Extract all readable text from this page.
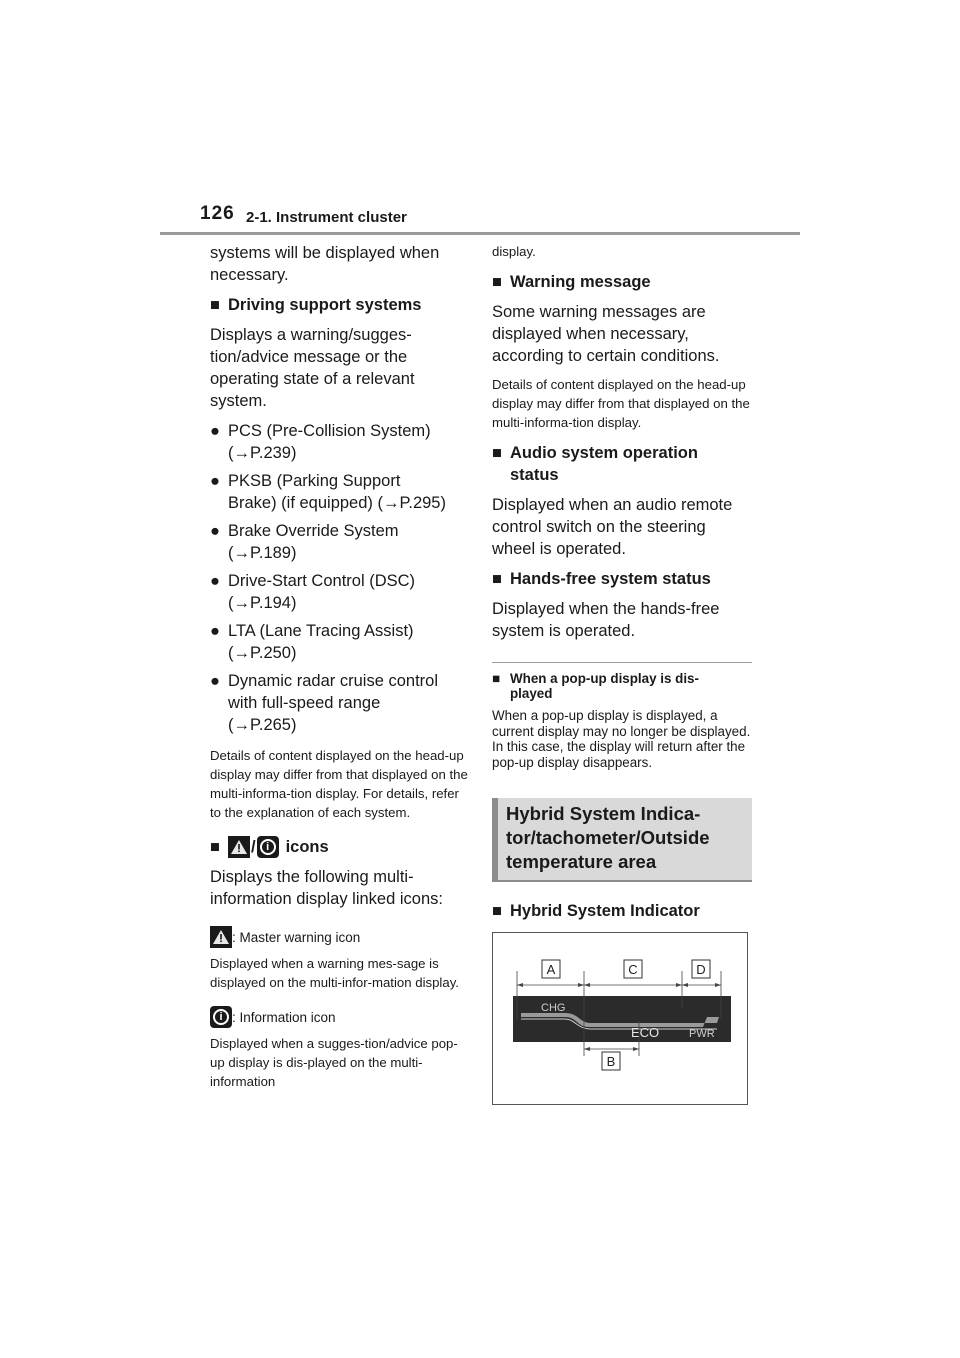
126 2-1. Instrument cluster

systems will be displayed when necessary.

■ Driving support systems

Displays a warning/sugges-tion/advice message or the operating state of a relevant system.

● PCS (Pre-Collision System)
(→P.239)
● PKSB (Parking Support
Brake) (if equipped) (→P.295)
● Brake Override System
(→P.189)
● Drive-Start Control (DSC)
(→P.194)
● LTA (Lane Tracing Assist)
(→P.250)
● Dynamic radar cruise control
with full-speed range
(→P.265)

Details of content displayed on the head-up display may differ from that displayed on the multi-informa-tion display. For details, refer to the explanation of each system.

■	/ i icons

Displays the following multi-information display linked icons:

: Master warning icon

Displayed when a warning mes-sage is displayed on the multi-infor-mation display.

i : Information icon

Displayed when a sugges-tion/advice pop-up display is dis-played on the multi-information

display.

■ Warning message

Some warning messages are displayed when necessary, according to certain conditions.

Details of content displayed on the head-up display may differ from that displayed on the multi-informa-tion display.

■ Audio system operation
status

Displayed when an audio remote control switch on the steering wheel is operated.

■ Hands-free system status

Displayed when the hands-free system is operated.

■ When a pop-up display is dis-
played

When a pop-up display is displayed, a current display may no longer be displayed. In this case, the display will return after the pop-up display disappears.

Hybrid System Indica-
tor/tachometer/Outside
temperature area
■ Hybrid System Indicator
CHG
ECO	PWR
A	C	D
B
